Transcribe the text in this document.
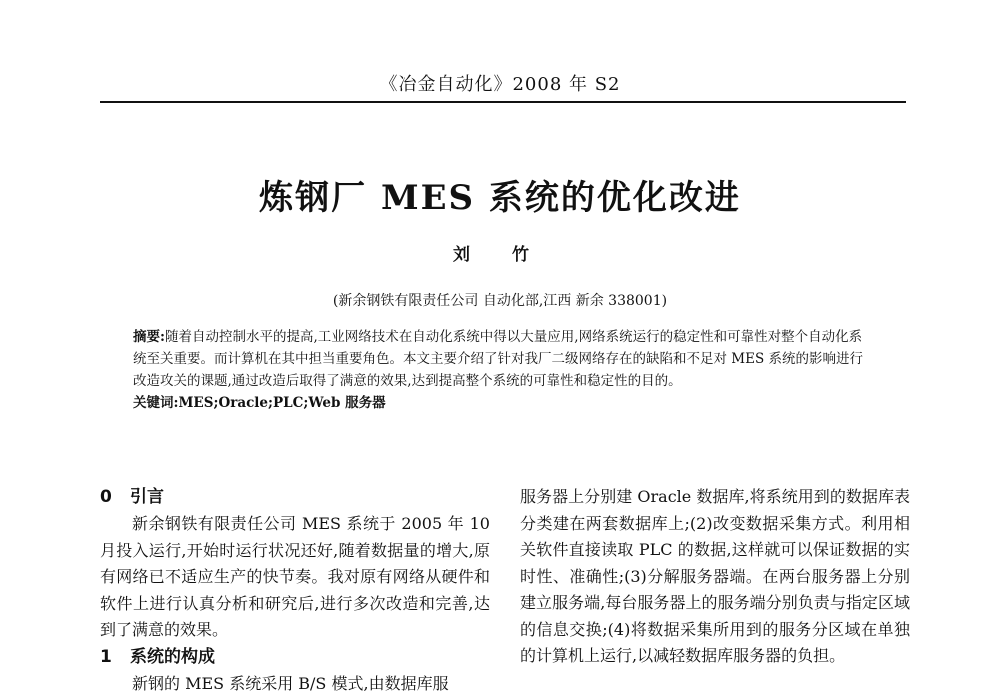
《冶金自动化》2008 年 S2
炼钢厂 MES 系统的优化改进
刘 竹
(新余钢铁有限责任公司 自动化部,江西 新余 338001)
摘要:随着自动控制水平的提高,工业网络技术在自动化系统中得以大量应用,网络系统运行的稳定性和可靠性对整个自动化系统至关重要。而计算机在其中担当重要角色。本文主要介绍了针对我厂二级网络存在的缺陷和不足对 MES 系统的影响进行改造攻关的课题,通过改造后取得了满意的效果,达到提高整个系统的可靠性和稳定性的目的。
关键词:MES;Oracle;PLC;Web 服务器
0 引言
新余钢铁有限责任公司 MES 系统于 2005 年 10 月投入运行,开始时运行状况还好,随着数据量的增大,原有网络已不适应生产的快节奏。我对原有网络从硬件和软件上进行认真分析和研究后,进行多次改造和完善,达到了满意的效果。
1 系统的构成
新钢的 MES 系统采用 B/S 模式,由数据库服
服务器上分别建 Oracle 数据库,将系统用到的数据库表分类建在两套数据库上;(2)改变数据采集方式。利用相关软件直接读取 PLC 的数据,这样就可以保证数据的实时性、准确性;(3)分解服务器端。在两台服务器上分别建立服务端,每台服务器上的服务端分别负责与指定区域的信息交换;(4)将数据采集所用到的服务分区域在单独的计算机上运行,以减轻数据库服务器的负担。
